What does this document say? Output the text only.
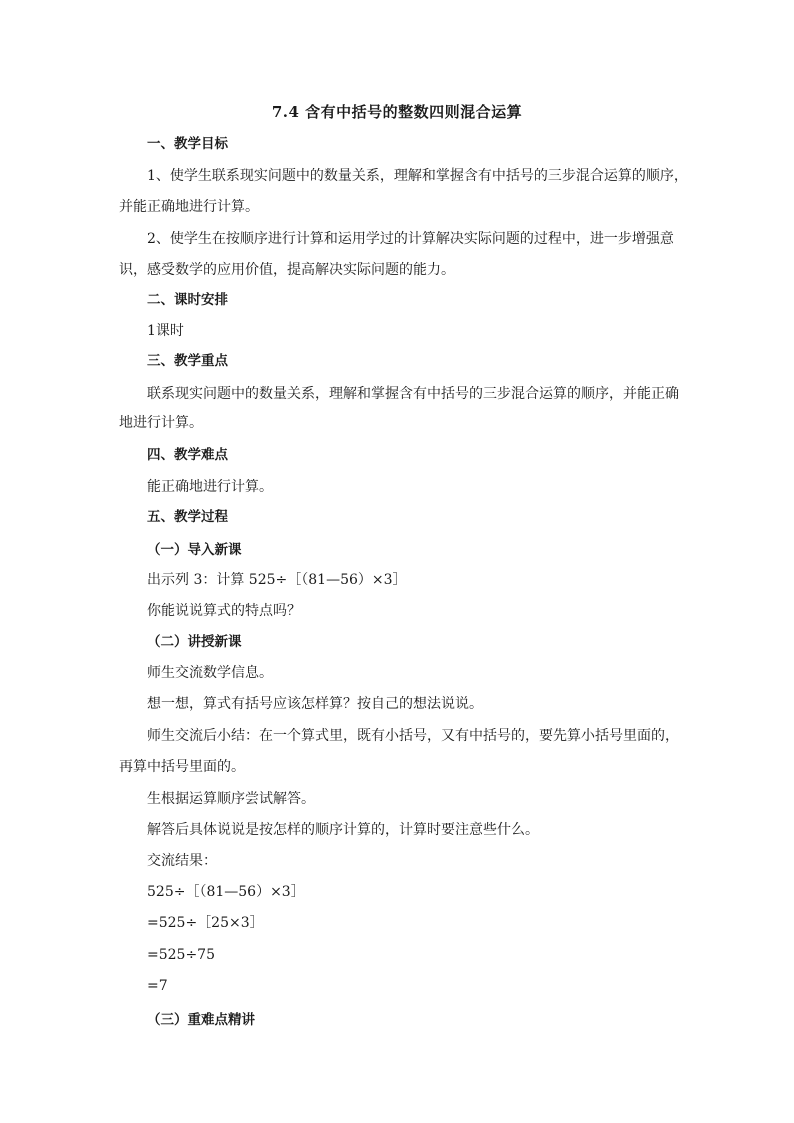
7.4 含有中括号的整数四则混合运算
一、教学目标
1、使学生联系现实问题中的数量关系，理解和掌握含有中括号的三步混合运算的顺序，
并能正确地进行计算。
2、使学生在按顺序进行计算和运用学过的计算解决实际问题的过程中，进一步增强意
识，感受数学的应用价值，提高解决实际问题的能力。
二、课时安排
1课时
三、教学重点
联系现实问题中的数量关系，理解和掌握含有中括号的三步混合运算的顺序，并能正确
地进行计算。
四、教学难点
能正确地进行计算。
五、教学过程
（一）导入新课
出示列 3：计算 525÷［（81—56）×3］
你能说说算式的特点吗？
（二）讲授新课
师生交流数学信息。
想一想，算式有括号应该怎样算？按自己的想法说说。
师生交流后小结：在一个算式里，既有小括号，又有中括号的，要先算小括号里面的，
再算中括号里面的。
生根据运算顺序尝试解答。
解答后具体说说是按怎样的顺序计算的，计算时要注意些什么。
交流结果：
525÷［（81—56）×3］
=525÷［25×3］
=525÷75
=7
（三）重难点精讲
